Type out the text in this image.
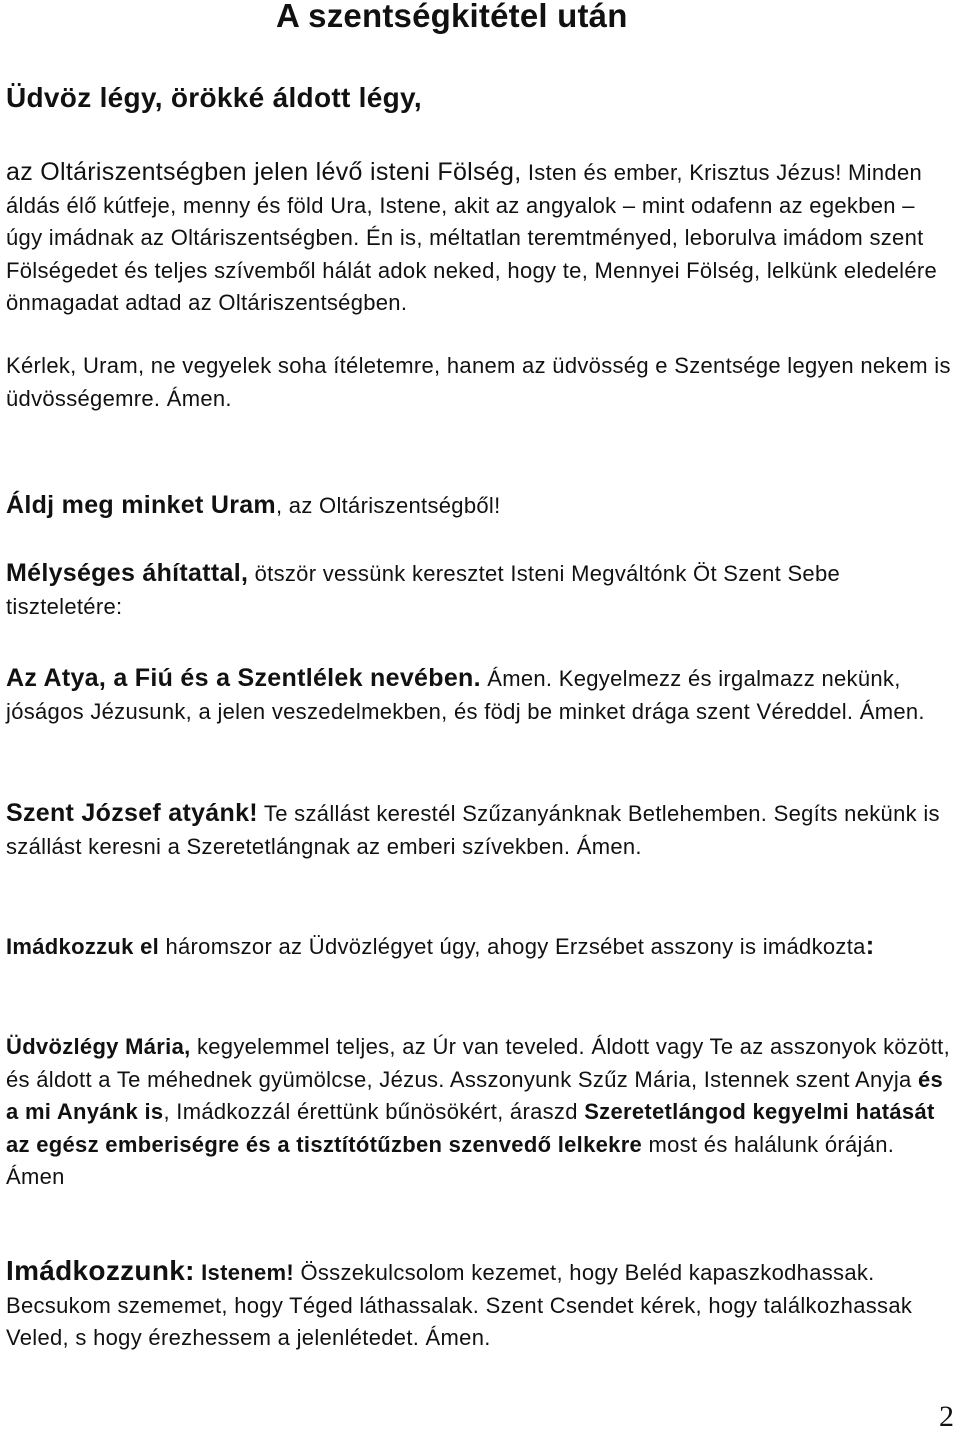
A szentségkitétel után
Üdvöz légy, örökké áldott légy,
az Oltáriszentségben jelen lévő isteni Fölség, Isten és ember, Krisztus Jézus! Minden áldás élő kútfeje, menny és föld Ura, Istene, akit az angyalok – mint odafenn az egekben – úgy imádnak az Oltáriszentségben. Én is, méltatlan teremtményed, leborulva imádom szent Fölségedet és teljes szívemből hálát adok neked, hogy te, Mennyei Fölség, lelkünk eledelére önmagadat adtad az Oltáriszentségben.
Kérlek, Uram, ne vegyelek soha ítéletemre, hanem az üdvösség e Szentsége legyen nekem is üdvösségemre. Ámen.
Áldj meg minket Uram, az Oltáriszentségből!
Mélységes áhítattal, ötször vessünk keresztet Isteni Megváltónk Öt Szent Sebe tiszteletére:
Az Atya, a Fiú és a Szentlélek nevében. Ámen. Kegyelmezz és irgalmazz nekünk, jóságos Jézusunk, a jelen veszedelmekben, és födj be minket drága szent Véreddel. Ámen.
Szent József atyánk! Te szállást kerestél Szűzanyánknak Betlehemben. Segíts nekünk is szállást keresni a Szeretetlángnak az emberi szívekben. Ámen.
Imádkozzuk el háromszor az Üdvözlégyet úgy, ahogy Erzsébet asszony is imádkozta:
Üdvözlégy Mária, kegyelemmel teljes, az Úr van teveled. Áldott vagy Te az asszonyok között, és áldott a Te méhednek gyümölcse, Jézus. Asszonyunk Szűz Mária, Istennek szent Anyja és a mi Anyánk is, Imádkozzál érettünk bűnösökért, áraszd Szeretetlángod kegyelmi hatását az egész emberiségre és a tisztítótűzben szenvedő lelkekre most és halálunk óráján. Ámen
Imádkozzunk: Istenem! Összekulcsolom kezemet, hogy Beléd kapaszkodhassak. Becsukom szememet, hogy Téged láthassalak. Szent Csendet kérek, hogy találkozhassak Veled, s hogy érezhessem a jelenlétedet. Ámen.
2
